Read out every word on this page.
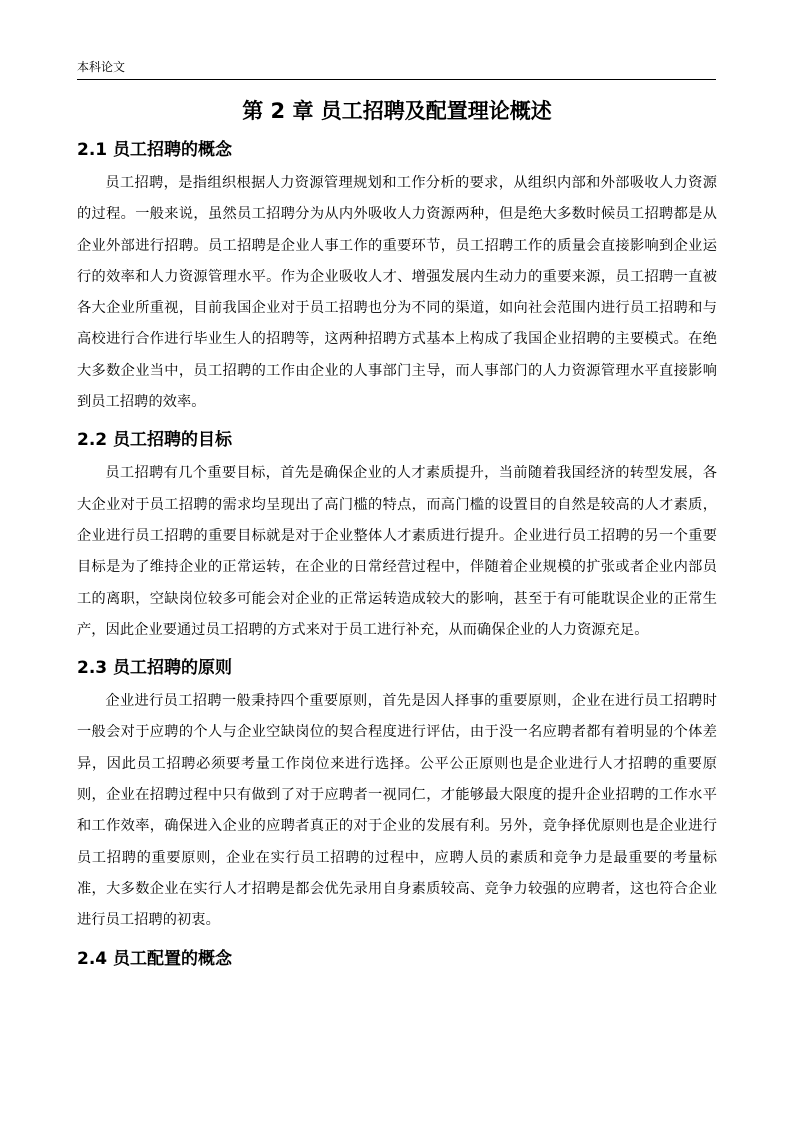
本科论文
第 2 章 员工招聘及配置理论概述
2.1 员工招聘的概念

员工招聘，是指组织根据人力资源管理规划和工作分析的要求，从组织内部和外部吸收人力资源的过程。一般来说，虽然员工招聘分为从内外吸收人力资源两种，但是绝大多数时候员工招聘都是从企业外部进行招聘。员工招聘是企业人事工作的重要环节，员工招聘工作的质量会直接影响到企业运行的效率和人力资源管理水平。作为企业吸收人才、增强发展内生动力的重要来源，员工招聘一直被各大企业所重视，目前我国企业对于员工招聘也分为不同的渠道，如向社会范围内进行员工招聘和与高校进行合作进行毕业生人的招聘等，这两种招聘方式基本上构成了我国企业招聘的主要模式。在绝大多数企业当中，员工招聘的工作由企业的人事部门主导，而人事部门的人力资源管理水平直接影响到员工招聘的效率。

2.2 员工招聘的目标

员工招聘有几个重要目标，首先是确保企业的人才素质提升，当前随着我国经济的转型发展，各大企业对于员工招聘的需求均呈现出了高门槛的特点，而高门槛的设置目的自然是较高的人才素质，企业进行员工招聘的重要目标就是对于企业整体人才素质进行提升。企业进行员工招聘的另一个重要目标是为了维持企业的正常运转，在企业的日常经营过程中，伴随着企业规模的扩张或者企业内部员工的离职，空缺岗位较多可能会对企业的正常运转造成较大的影响，甚至于有可能耽误企业的正常生产，因此企业要通过员工招聘的方式来对于员工进行补充，从而确保企业的人力资源充足。

2.3 员工招聘的原则

企业进行员工招聘一般秉持四个重要原则，首先是因人择事的重要原则，企业在进行员工招聘时一般会对于应聘的个人与企业空缺岗位的契合程度进行评估，由于没一名应聘者都有着明显的个体差异，因此员工招聘必须要考量工作岗位来进行选择。公平公正原则也是企业进行人才招聘的重要原则，企业在招聘过程中只有做到了对于应聘者一视同仁，才能够最大限度的提升企业招聘的工作水平和工作效率，确保进入企业的应聘者真正的对于企业的发展有利。另外，竞争择优原则也是企业进行员工招聘的重要原则，企业在实行员工招聘的过程中，应聘人员的素质和竞争力是最重要的考量标准，大多数企业在实行人才招聘是都会优先录用自身素质较高、竞争力较强的应聘者，这也符合企业进行员工招聘的初衷。

2.4 员工配置的概念
